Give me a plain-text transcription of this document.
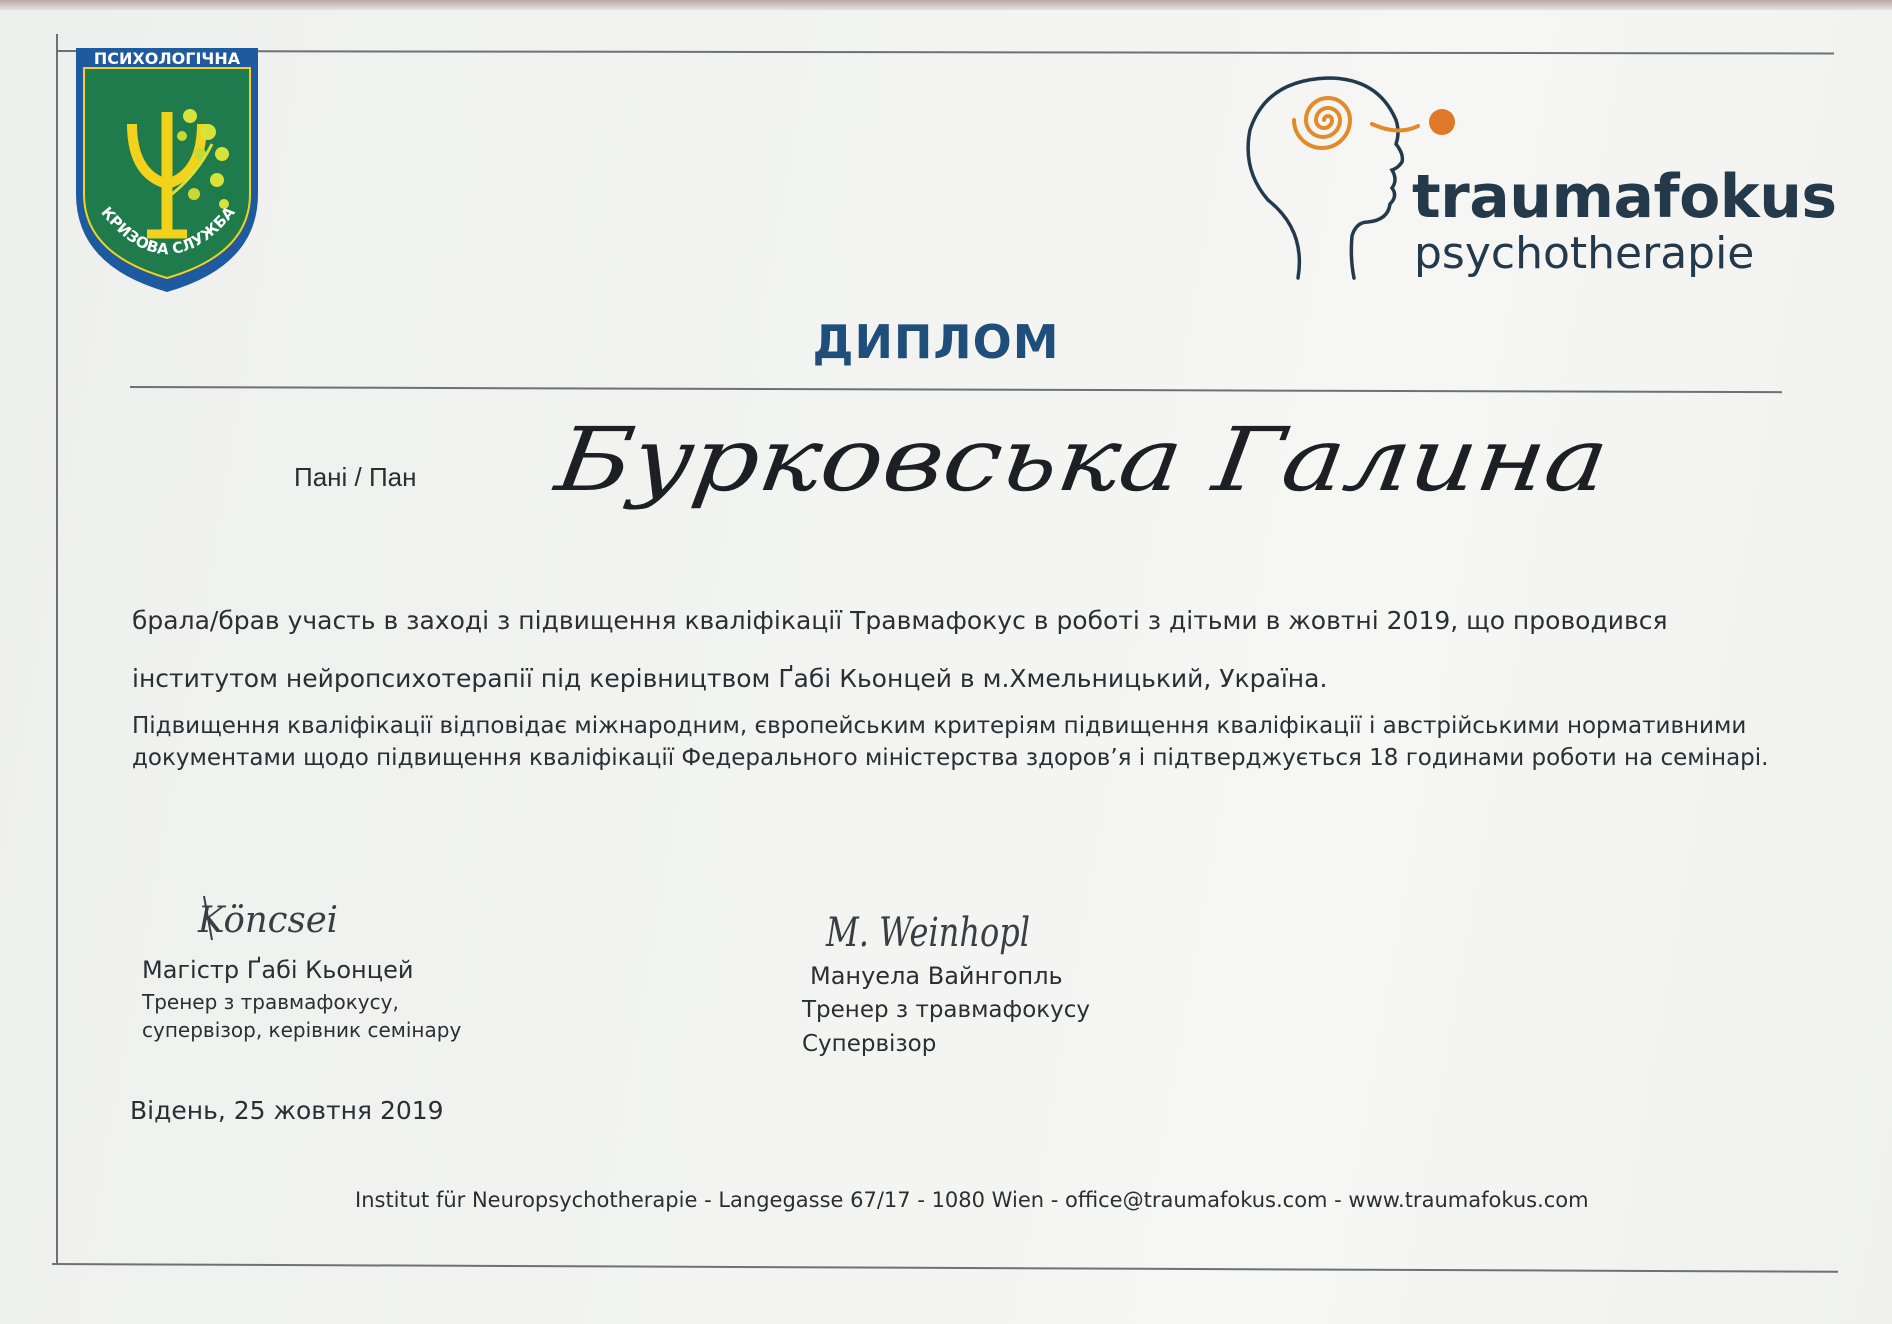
ПСИХОЛОГІЧНА
КРИЗОВА СЛУЖБА	traumafokus
psychotherapie
ДИПЛОМ
Пані / Пан Бурковська Галина

брала/брав участь в заході з підвищення кваліфікації Травмафокус в роботі з дітьми в жовтні 2019, що проводився
інститутом нейропсихотерапії під керівництвом Ґабі Кьонцей в м.Хмельницький, Україна.

Підвищення кваліфікації відповідає міжнародним, європейським критеріям підвищення кваліфікації і австрійськими нормативними документами щодо підвищення кваліфікації Федерального міністерства здоров’я і підтверджується 18 годинами роботи на семінарі.

Köncsei
Магістр Ґабі Кьонцей
Тренер з травмафокусу,
супервізор, керівник семінару
M. Weinhopl
Мануела Вайнгопль
Тренер з травмафокусу
Супервізор
Відень, 25 жовтня 2019
Institut für Neuropsychotherapie - Langegasse 67/17 - 1080 Wien - office@traumafokus.com - www.traumafokus.com
